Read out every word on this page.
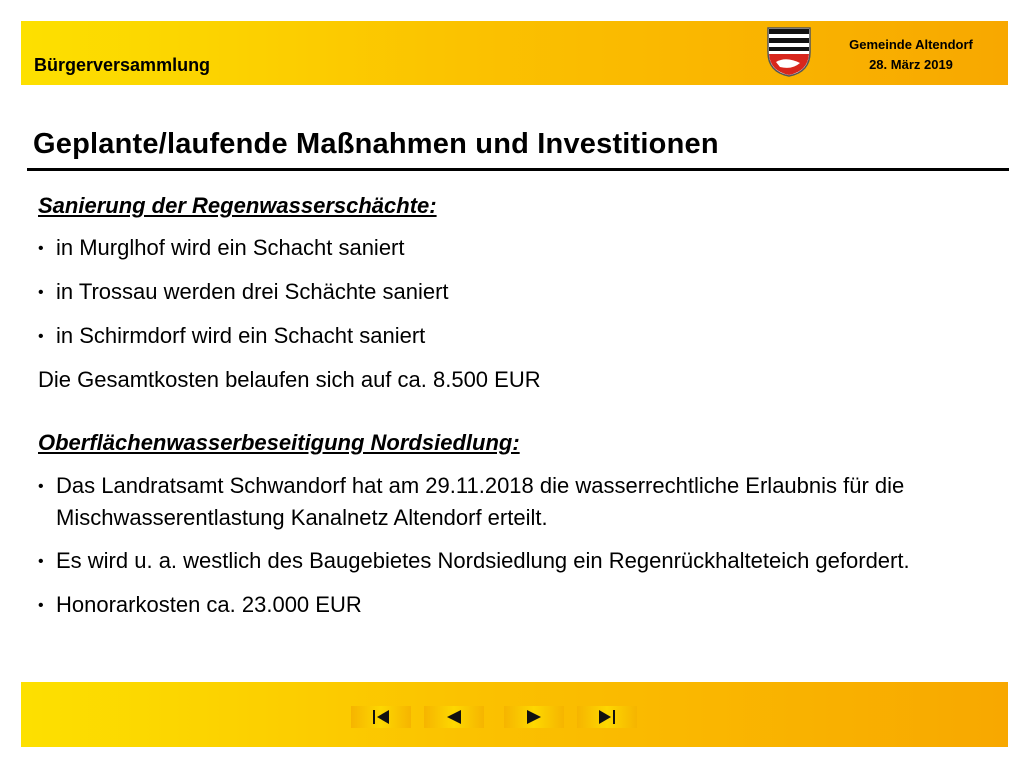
Bürgerversammlung
Gemeinde Altendorf
28. März 2019
Geplante/laufende Maßnahmen und Investitionen
Sanierung der Regenwasserschächte:
• in Murglhof wird ein Schacht saniert
• in Trossau werden drei Schächte saniert
• in Schirmdorf wird ein Schacht saniert
Die Gesamtkosten belaufen sich auf ca. 8.500 EUR
Oberflächenwasserbeseitigung Nordsiedlung:
• Das Landratsamt Schwandorf hat am 29.11.2018 die wasserrechtliche Erlaubnis für die Mischwasserentlastung Kanalnetz Altendorf erteilt.
• Es wird u. a. westlich des Baugebietes Nordsiedlung ein Regenrückhalteteich gefordert.
• Honorarkosten ca. 23.000 EUR
